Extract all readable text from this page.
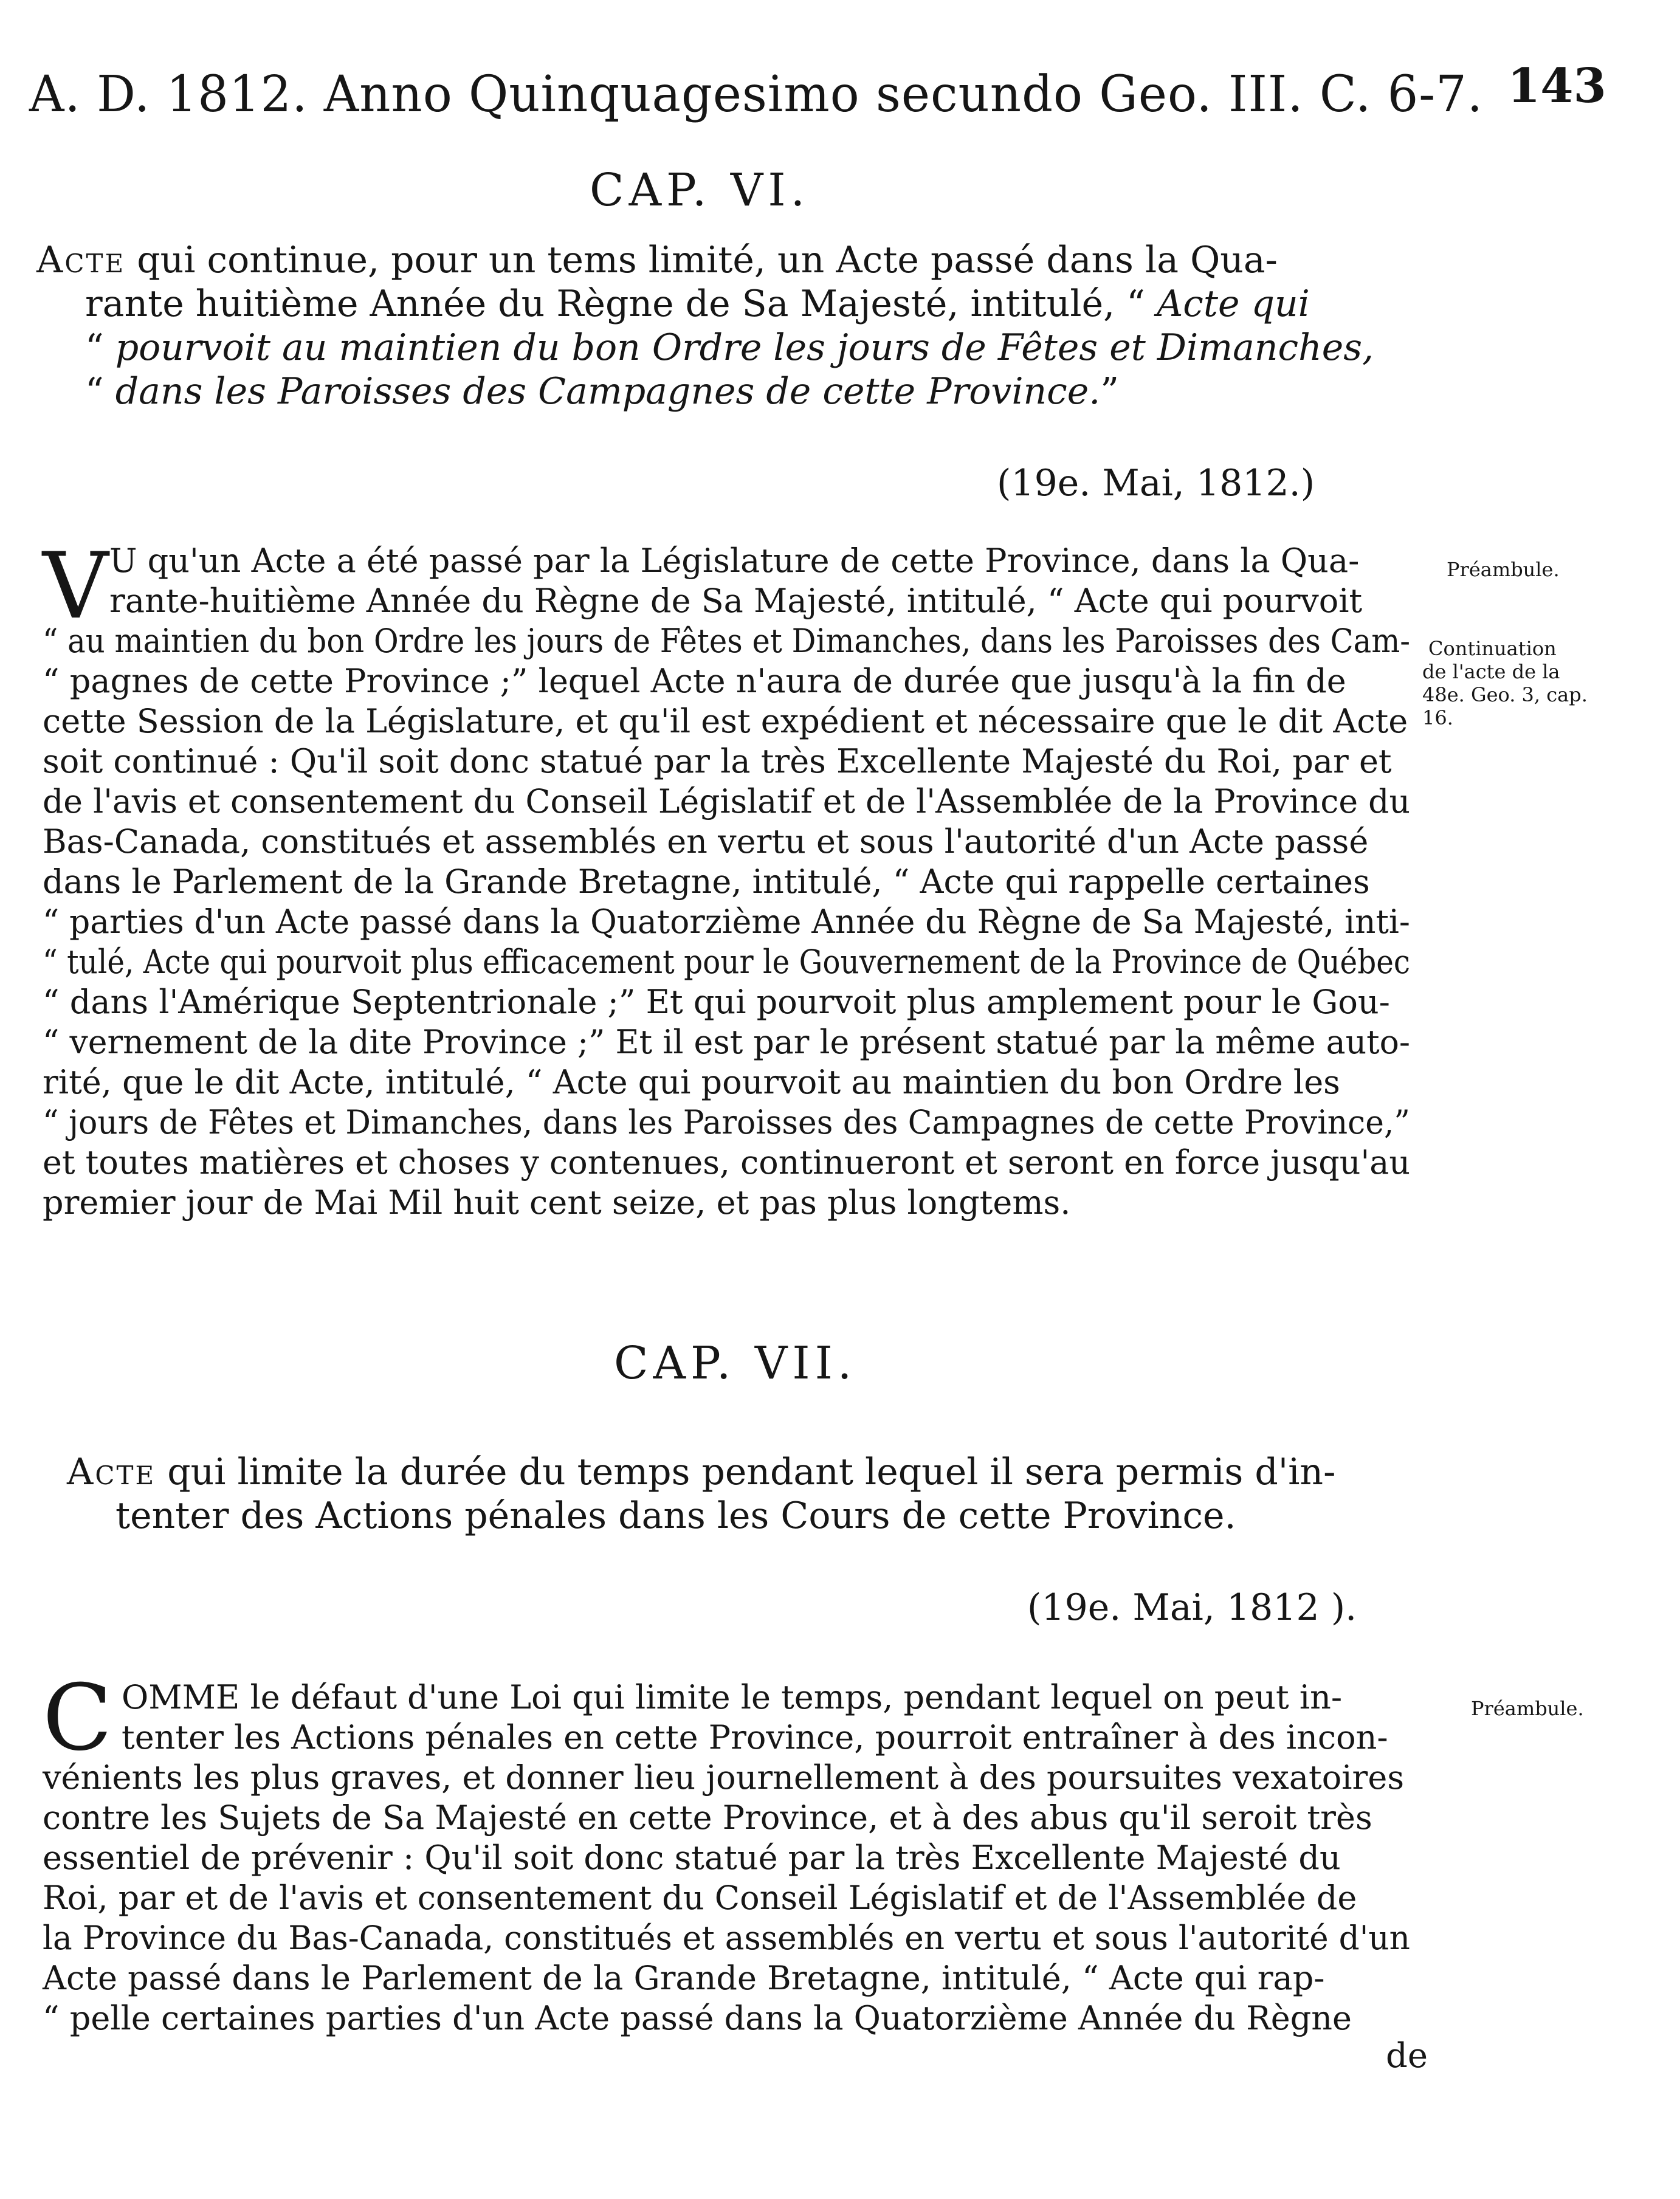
A. D. 1812. Anno Quinquagesimo secundo Geo. III. C. 6-7. 143
CAP. VI.
Acte qui continue, pour un tems limité, un Acte passé dans la Qua-
rante huitième Année du Règne de Sa Majesté, intitulé, “ Acte qui
“ pourvoit au maintien du bon Ordre les jours de Fêtes et Dimanches,
“ dans les Paroisses des Campagnes de cette Province.”
(19e. Mai, 1812.)
V U qu'un Acte a été passé par la Législature de cette Province, dans la Qua-
rante-huitième Année du Règne de Sa Majesté, intitulé, “ Acte qui pourvoit
“ au maintien du bon Ordre les jours de Fêtes et Dimanches, dans les Paroisses des Cam-
“ pagnes de cette Province ;” lequel Acte n'aura de durée que jusqu'à la fin de
cette Session de la Législature, et qu'il est expédient et nécessaire que le dit Acte
soit continué : Qu'il soit donc statué par la très Excellente Majesté du Roi, par et
de l'avis et consentement du Conseil Législatif et de l'Assemblée de la Province du
Bas-Canada, constitués et assemblés en vertu et sous l'autorité d'un Acte passé
dans le Parlement de la Grande Bretagne, intitulé, “ Acte qui rappelle certaines
“ parties d'un Acte passé dans la Quatorzième Année du Règne de Sa Majesté, inti-
“ tulé, Acte qui pourvoit plus efficacement pour le Gouvernement de la Province de Québec
“ dans l'Amérique Septentrionale ;” Et qui pourvoit plus amplement pour le Gou-
“ vernement de la dite Province ;” Et il est par le présent statué par la même auto-
rité, que le dit Acte, intitulé, “ Acte qui pourvoit au maintien du bon Ordre les
“ jours de Fêtes et Dimanches, dans les Paroisses des Campagnes de cette Province,”
et toutes matières et choses y contenues, continueront et seront en force jusqu'au
premier jour de Mai Mil huit cent seize, et pas plus longtems.
Préambule.
Continuation
de l'acte de la
48e. Geo. 3, cap.
16.
CAP. VII.
Acte qui limite la durée du temps pendant lequel il sera permis d'in-
tenter des Actions pénales dans les Cours de cette Province.
(19e. Mai, 1812 ).
C OMME le défaut d'une Loi qui limite le temps, pendant lequel on peut in-
tenter les Actions pénales en cette Province, pourroit entraîner à des incon-
vénients les plus graves, et donner lieu journellement à des poursuites vexatoires
contre les Sujets de Sa Majesté en cette Province, et à des abus qu'il seroit très
essentiel de prévenir : Qu'il soit donc statué par la très Excellente Majesté du
Roi, par et de l'avis et consentement du Conseil Législatif et de l'Assemblée de
la Province du Bas-Canada, constitués et assemblés en vertu et sous l'autorité d'un
Acte passé dans le Parlement de la Grande Bretagne, intitulé, “ Acte qui rap-
“ pelle certaines parties d'un Acte passé dans la Quatorzième Année du Règne
Préambule.
de
